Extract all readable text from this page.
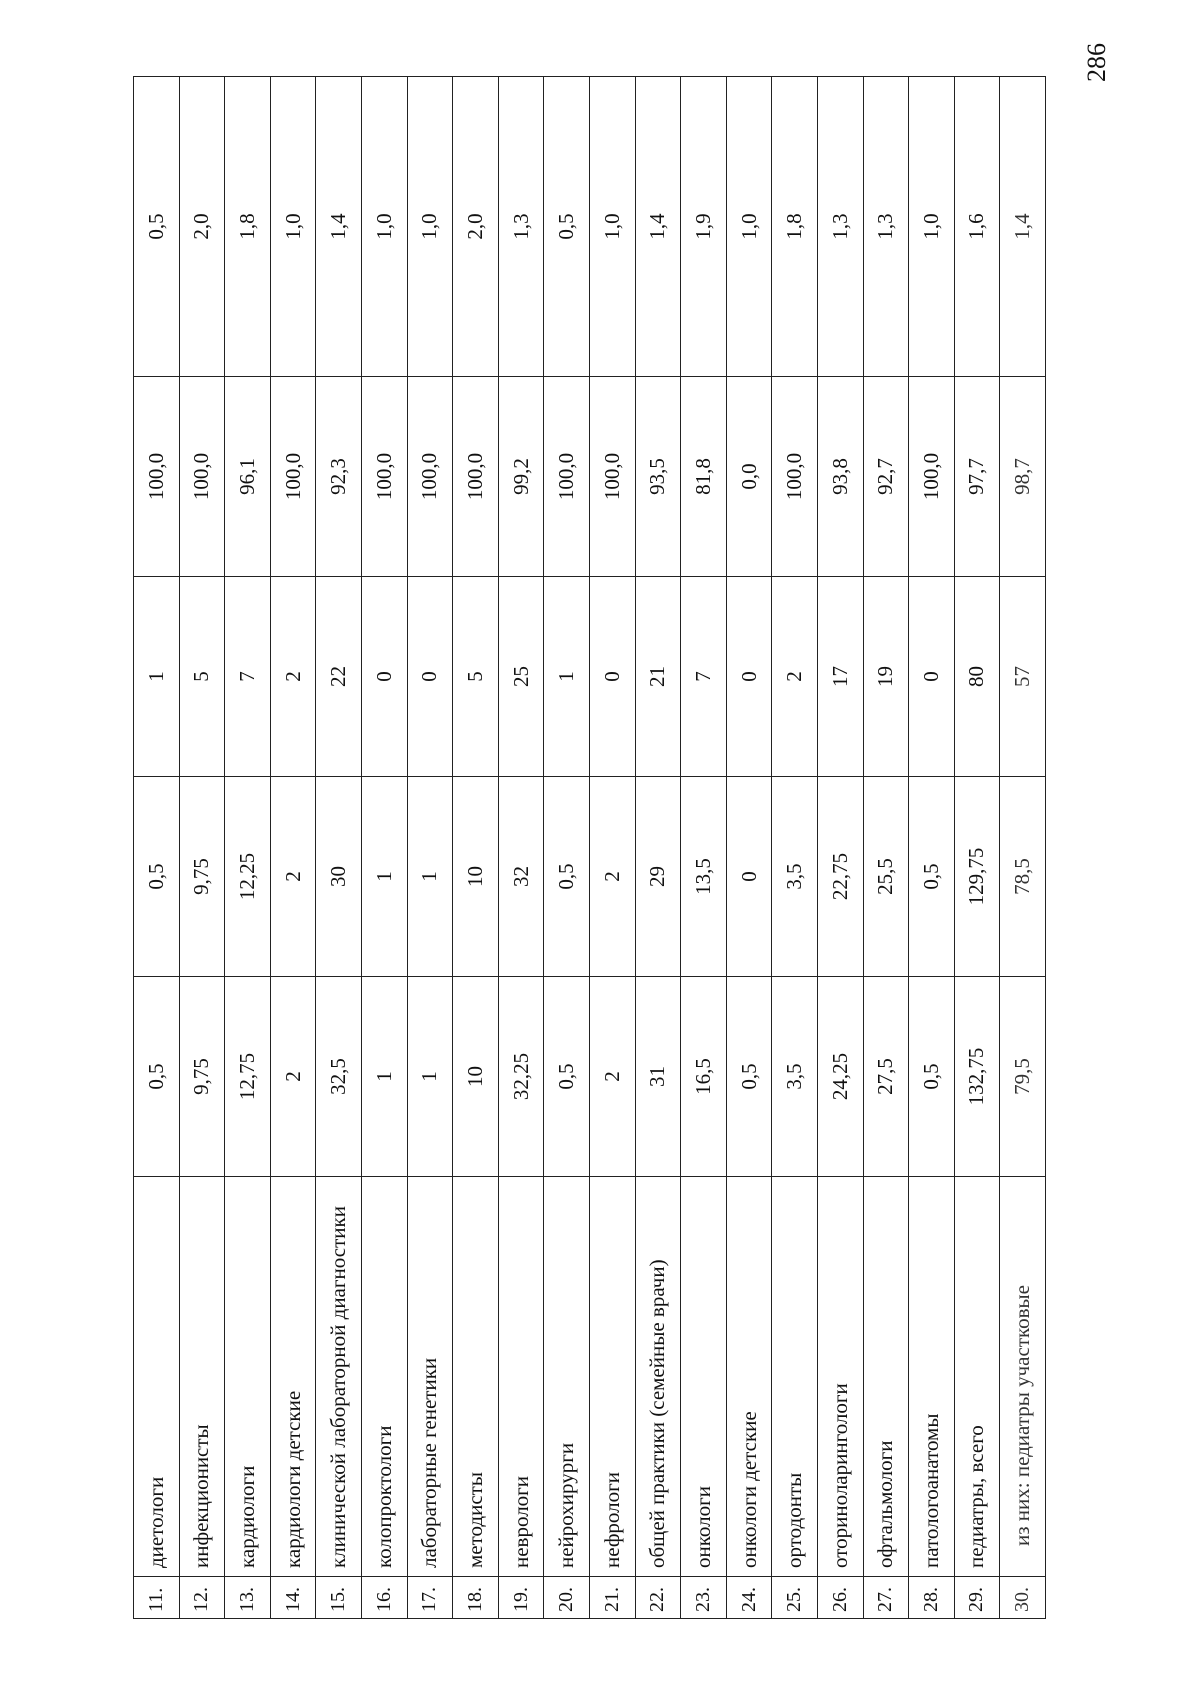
11.	диетологи	0,5	0,5	1	100,0	0,5
12.	инфекционисты	9,75	9,75	5	100,0	2,0
13.	кардиологи	12,75	12,25	7	96,1	1,8
14.	кардиологи детские	2	2	2	100,0	1,0
15.	клинической лабораторной диагностики	32,5	30	22	92,3	1,4
16.	колопроктологи	1	1	0	100,0	1,0
17.	лабораторные генетики	1	1	0	100,0	1,0
18.	методисты	10	10	5	100,0	2,0
19.	неврологи	32,25	32	25	99,2	1,3
20.	нейрохирурги	0,5	0,5	1	100,0	0,5
21.	нефрологи	2	2	0	100,0	1,0
22.	общей практики (семейные врачи)	31	29	21	93,5	1,4
23.	онкологи	16,5	13,5	7	81,8	1,9
24.	онкологи детские	0,5	0	0	0,0	1,0
25.	ортодонты	3,5	3,5	2	100,0	1,8
26.	оториноларингологи	24,25	22,75	17	93,8	1,3
27.	офтальмологи	27,5	25,5	19	92,7	1,3
28.	патологоанатомы	0,5	0,5	0	100,0	1,0
29.	педиатры, всего	132,75	129,75	80	97,7	1,6
30.	из них: педиатры участковые	79,5	78,5	57	98,7	1,4
286
